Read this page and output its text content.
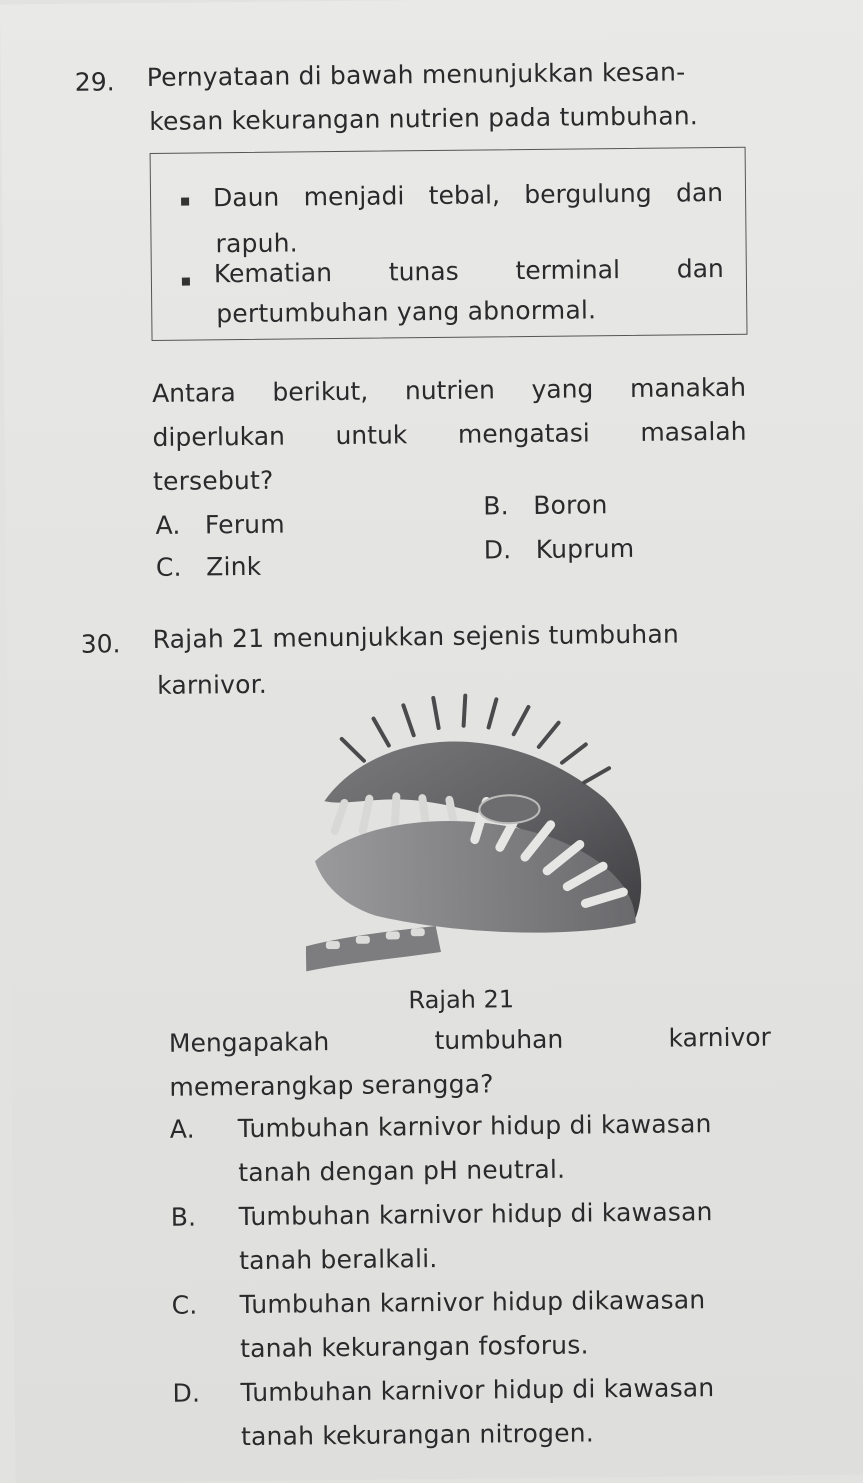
29. Pernyataan di bawah menunjukkan kesan-
kesan kekurangan nutrien pada tumbuhan.
Daun menjadi tebal, bergulung dan
rapuh.
Kematian tunas terminal dan
pertumbuhan yang abnormal.
Antara berikut, nutrien yang manakah
diperlukan untuk mengatasi masalah
tersebut?
A.   Ferum
B.   Boron
C.   Zink
D.   Kuprum
30. Rajah 21 menunjukkan sejenis tumbuhan
karnivor.
Rajah 21
Mengapakah	tumbuhan	karnivor
memerangkap serangga?
A. Tumbuhan karnivor hidup di kawasan
tanah dengan pH neutral.
B. Tumbuhan karnivor hidup di kawasan
tanah beralkali.
C. Tumbuhan karnivor hidup dikawasan
tanah kekurangan fosforus.
D. Tumbuhan karnivor hidup di kawasan
tanah kekurangan nitrogen.
